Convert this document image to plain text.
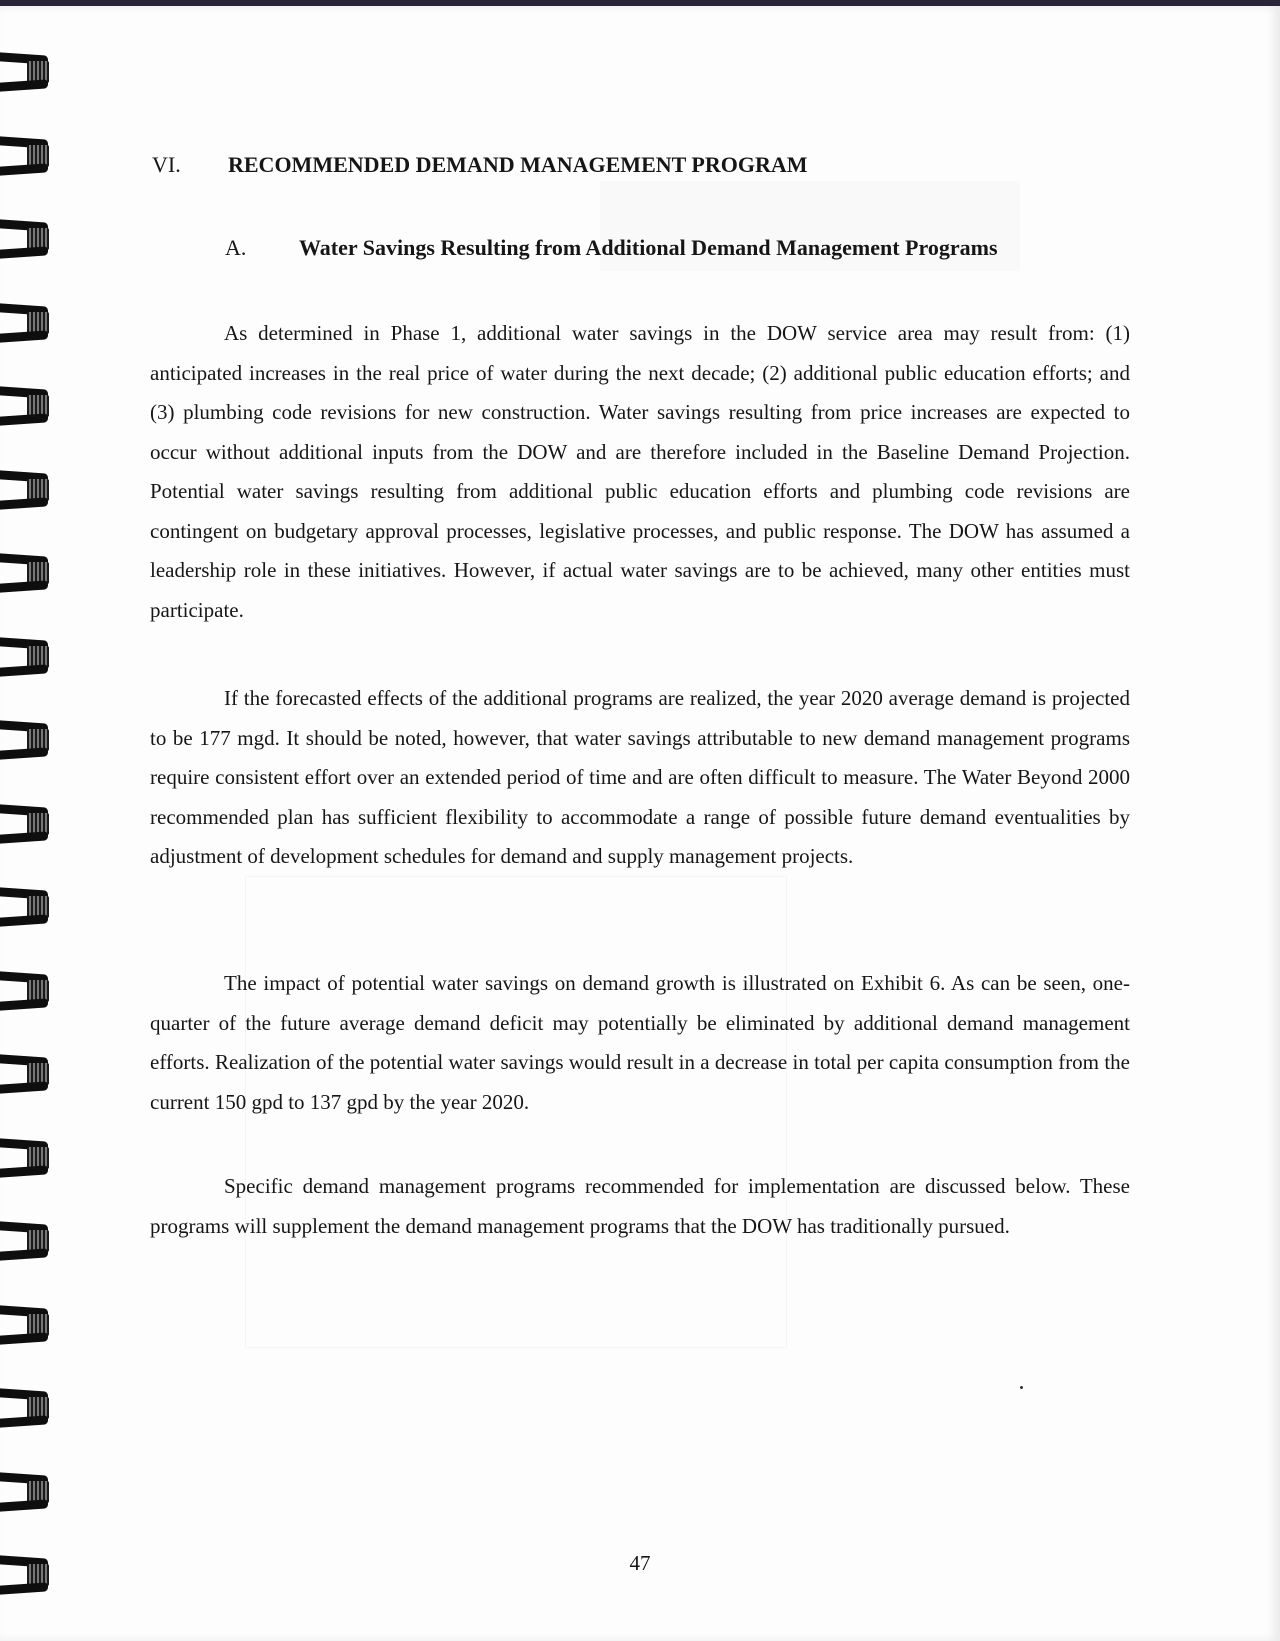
VI. RECOMMENDED DEMAND MANAGEMENT PROGRAM
A. Water Savings Resulting from Additional Demand Management Programs

As determined in Phase 1, additional water savings in the DOW service area may result from: (1) anticipated increases in the real price of water during the next decade; (2) additional public education efforts; and (3) plumbing code revisions for new construction. Water savings resulting from price increases are expected to occur without additional inputs from the DOW and are therefore included in the Baseline Demand Projection. Potential water savings resulting from additional public education efforts and plumbing code revisions are contingent on budgetary approval processes, legislative processes, and public response. The DOW has assumed a leadership role in these initiatives. However, if actual water savings are to be achieved, many other entities must participate.

If the forecasted effects of the additional programs are realized, the year 2020 average demand is projected to be 177 mgd. It should be noted, however, that water savings attributable to new demand management programs require consistent effort over an extended period of time and are often difficult to measure. The Water Beyond 2000 recommended plan has sufficient flexibility to accommodate a range of possible future demand eventualities by adjustment of development schedules for demand and supply management projects.

The impact of potential water savings on demand growth is illustrated on Exhibit 6. As can be seen, one-quarter of the future average demand deficit may potentially be eliminated by additional demand management efforts. Realization of the potential water savings would result in a decrease in total per capita consumption from the current 150 gpd to 137 gpd by the year 2020.

Specific demand management programs recommended for implementation are discussed below. These programs will supplement the demand management programs that the DOW has traditionally pursued.

47
